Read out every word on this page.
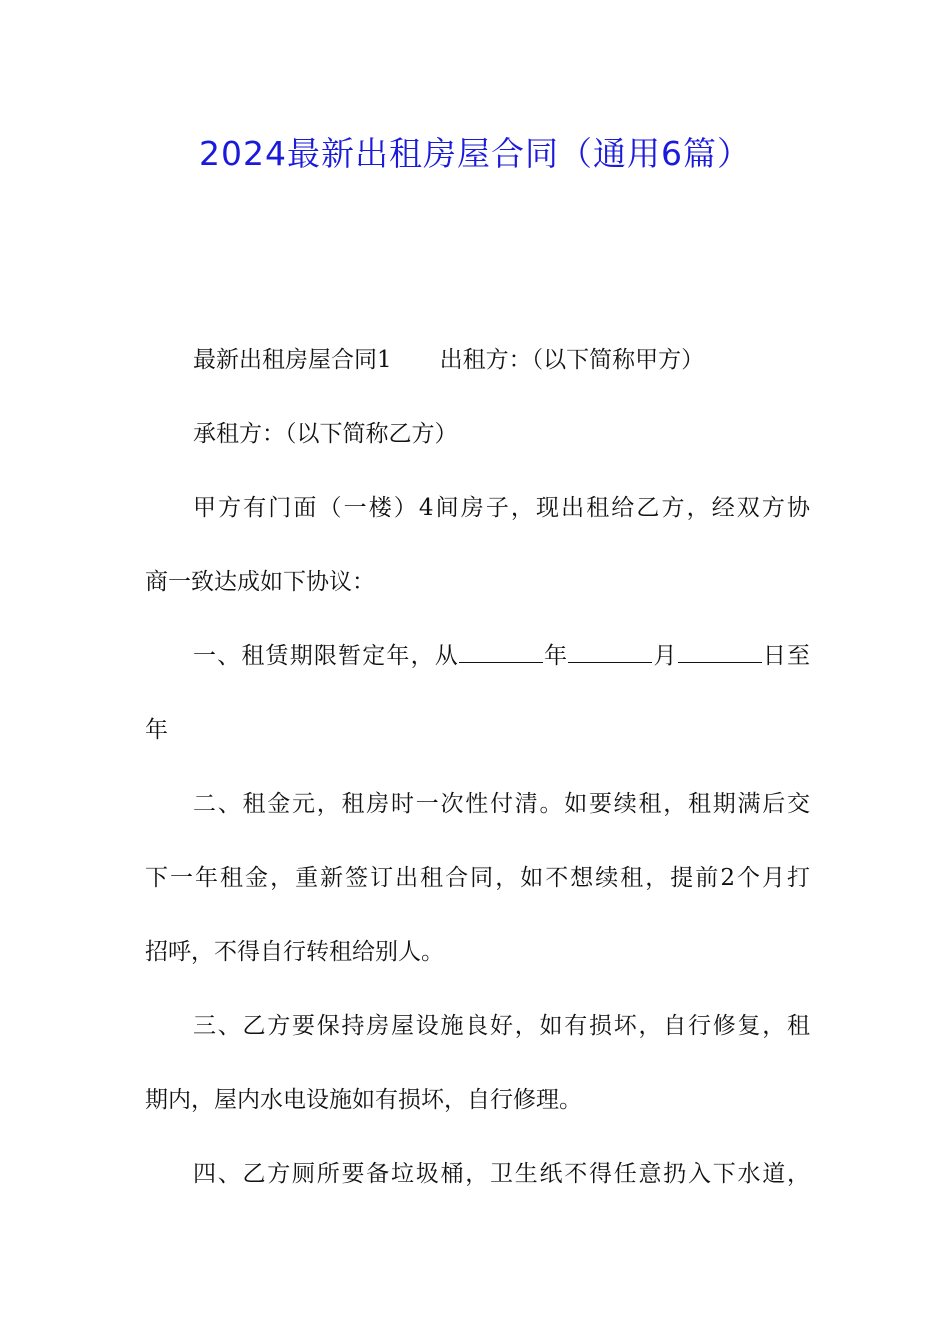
2024最新出租房屋合同（通用6篇）
最新出租房屋合同1 出租方：（以下简称甲方）
承租方：（以下简称乙方）
甲方有门面（一楼）4间房子，现出租给乙方，经双方协
商一致达成如下协议：
一、租赁期限暂定年，从	年	月	日至
年
二、租金元，租房时一次性付清。如要续租，租期满后交
下一年租金，重新签订出租合同，如不想续租，提前2个月打
招呼，不得自行转租给别人。
三、乙方要保持房屋设施良好，如有损坏，自行修复，租
期内，屋内水电设施如有损坏，自行修理。
四、乙方厕所要备垃圾桶，卫生纸不得任意扔入下水道，
